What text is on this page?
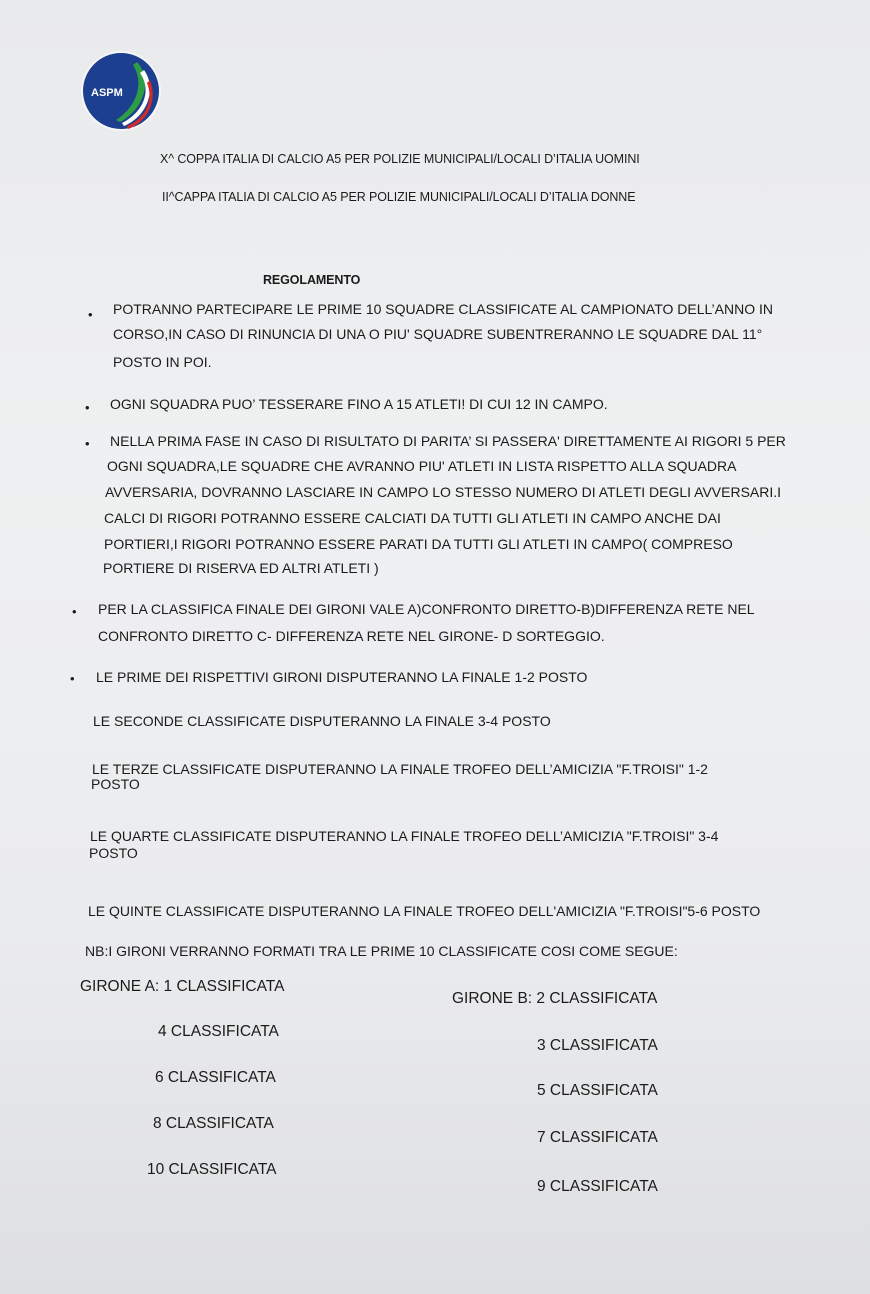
ASPM
X^ COPPA ITALIA DI CALCIO A5 PER POLIZIE MUNICIPALI/LOCALI D’ITALIA UOMINI
II^CAPPA ITALIA DI CALCIO A5 PER POLIZIE MUNICIPALI/LOCALI D’ITALIA DONNE
REGOLAMENTO
• POTRANNO PARTECIPARE LE PRIME 10 SQUADRE CLASSIFICATE AL CAMPIONATO DELL’ANNO IN
CORSO,IN CASO DI RINUNCIA DI UNA O PIU' SQUADRE SUBENTRERANNO LE SQUADRE DAL 11°
POSTO IN POI.
• OGNI SQUADRA PUO’ TESSERARE FINO A 15 ATLETI! DI CUI 12 IN CAMPO.
• NELLA PRIMA FASE IN CASO DI RISULTATO DI PARITA’ SI PASSERA' DIRETTAMENTE AI RIGORI 5 PER
OGNI SQUADRA,LE SQUADRE CHE AVRANNO PIU' ATLETI IN LISTA RISPETTO ALLA SQUADRA
AVVERSARIA, DOVRANNO LASCIARE IN CAMPO LO STESSO NUMERO DI ATLETI DEGLI AVVERSARI.I
CALCI DI RIGORI POTRANNO ESSERE CALCIATI DA TUTTI GLI ATLETI IN CAMPO ANCHE DAI
PORTIERI,I RIGORI POTRANNO ESSERE PARATI DA TUTTI GLI ATLETI IN CAMPO( COMPRESO
PORTIERE DI RISERVA ED ALTRI ATLETI )
• PER LA CLASSIFICA FINALE DEI GIRONI VALE A)CONFRONTO DIRETTO-B)DIFFERENZA RETE NEL
CONFRONTO DIRETTO C- DIFFERENZA RETE NEL GIRONE- D SORTEGGIO.
• LE PRIME DEI RISPETTIVI GIRONI DISPUTERANNO LA FINALE 1-2 POSTO
LE SECONDE CLASSIFICATE DISPUTERANNO LA FINALE 3-4 POSTO
LE TERZE CLASSIFICATE DISPUTERANNO LA FINALE TROFEO DELL’AMICIZIA "F.TROISI" 1-2
POSTO
LE QUARTE CLASSIFICATE DISPUTERANNO LA FINALE TROFEO DELL’AMICIZIA "F.TROISI" 3-4
POSTO
LE QUINTE CLASSIFICATE DISPUTERANNO LA FINALE TROFEO DELL'AMICIZIA "F.TROISI"5-6 POSTO
NB:I GIRONI VERRANNO FORMATI TRA LE PRIME 10 CLASSIFICATE COSI COME SEGUE:
GIRONE A: 1 CLASSIFICATA
4 CLASSIFICATA
6 CLASSIFICATA
8 CLASSIFICATA
10 CLASSIFICATA
GIRONE B: 2 CLASSIFICATA
3 CLASSIFICATA
5 CLASSIFICATA
7 CLASSIFICATA
9 CLASSIFICATA
